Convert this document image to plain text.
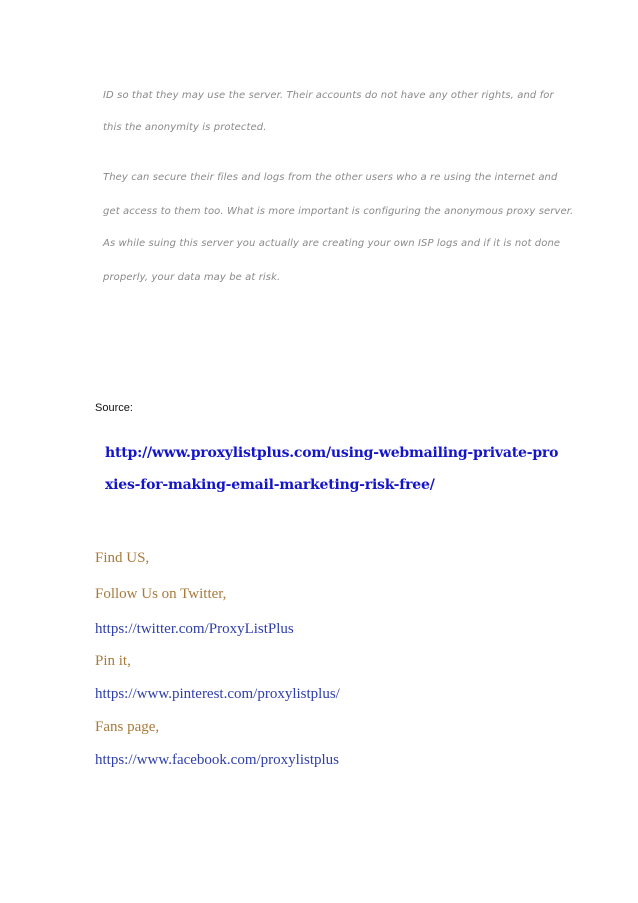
ID so that they may use the server. Their accounts do not have any other rights, and for
this the anonymity is protected.
They can secure their files and logs from the other users who a re using the internet and
get access to them too. What is more important is configuring the anonymous proxy server.
As while suing this server you actually are creating your own ISP logs and if it is not done
properly, your data may be at risk.
Source:
http://www.proxylistplus.com/using-webmailing-private-pro
xies-for-making-email-marketing-risk-free/
Find US,
Follow Us on Twitter,
https://twitter.com/ProxyListPlus
Pin it,
https://www.pinterest.com/proxylistplus/
Fans page,
https://www.facebook.com/proxylistplus
